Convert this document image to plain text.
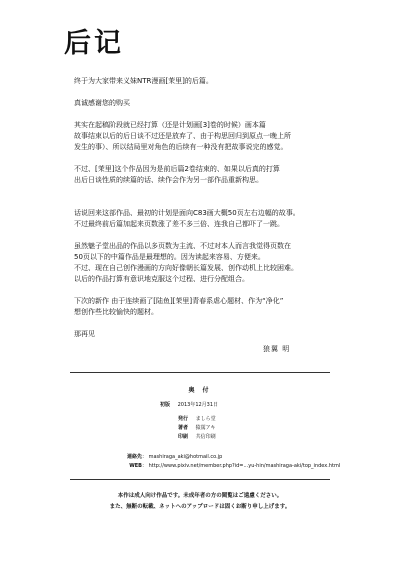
后记

终于为大家带来义妹NTR漫画[茉里]的后篇。

真诚感谢您的购买

其实在起稿阶段就已经打算（还是计划画[3]卷的时候）画本篇

故事结束以后的后日谈不过还是放弃了、由于构思回归到原点一晚上所

发生的事）、所以结局里对角色的后续有一种没有把故事说完的感觉。

不过、[茉里]这个作品因为是前后篇2卷结束的、如果以后真的打算

出后日谈性质的续篇的话、续作会作为另一部作品重新构思。

话说回来这部作品、最初的计划是面向C83画大概50页左右边幅的故事。

不过最终前后篇加起来页数涨了差不多三倍、连我自己都吓了一跳。

虽然魅子堂出品的作品以多页数为主流、不过对本人而言我觉得页数在

50页以下的中篇作品是最理想的。因为读起来容易、方便来。

不过、现在自己创作漫画的方向好像朝长篇发展、创作动机上比较困难。

以后的作品打算有意识地克服这个过程、进行分配组合。

下次的新作 由于连续画了[陆鱼][茉里]青春系虐心题材、作为“净化”

想创作些比较愉快的题材。

那再见

狼翼 明
奥 付
初版 2013年12月31日
発行 ましら堂
著者 猿駕アキ
印刷 共信印刷
連絡先： mashiraga_aki@hotmail.co.jp
WEB： http://www.pixiv.net/member.php?id=...yu-hin/mashiraga-aki/top_index.html
本作は成人向け作品です。未成年者の方の閲覧はご遠慮ください。
また、無断の転載、ネットへのアップロードは固くお断り申し上げます。
